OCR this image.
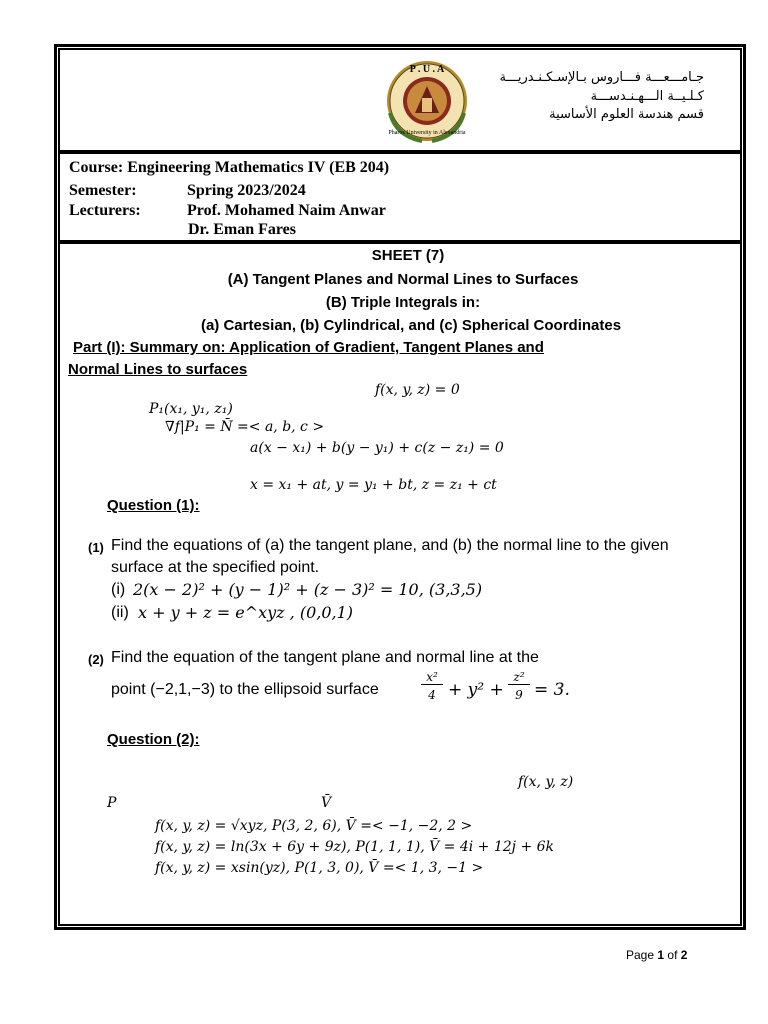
P . U . A
Pharos University in Alexandria
جـامـــعـــة فـــاروس بـالإسـكـنـدريـــة
كـلـيــة الـــهـنـدســـة
قسم هندسة العلوم الأساسية
Course: Engineering Mathematics IV (EB 204)
Semester:	Spring 2023/2024
Lecturers:	Prof. Mohamed Naim Anwar
Dr. Eman Fares
SHEET (7)
(A) Tangent Planes and Normal Lines to Surfaces
(B) Triple Integrals in:
(a) Cartesian, (b) Cylindrical, and (c) Spherical Coordinates
Part (I): Summary on: Application of Gradient, Tangent Planes and
Normal Lines to surfaces
f(x, y, z) = 0
P₁(x₁, y₁, z₁)
∇f|P₁ = N̄ =< a, b, c >
a(x − x₁) + b(y − y₁) + c(z − z₁) = 0
x = x₁ + at, y = y₁ + bt, z = z₁ + ct
Question (1):
(1) Find the equations of (a) the tangent plane, and (b) the normal line to the given
surface at the specified point.
(i) 2(x − 2)² + (y − 1)² + (z − 3)² = 10, (3,3,5)
(ii) x + y + z = e^xyz , (0,0,1)
(2) Find the equation of the tangent plane and normal line at the
point (−2,1,−3) to the ellipsoid surface
x²
4 + y² +
z²
9 = 3.
Question (2):
f(x, y, z)
P	V̄
f(x, y, z) = √xyz, P(3, 2, 6), V̄ =< −1, −2, 2 >
f(x, y, z) = ln(3x + 6y + 9z), P(1, 1, 1), V̄ = 4i + 12j + 6k
f(x, y, z) = xsin(yz), P(1, 3, 0), V̄ =< 1, 3, −1 >
Page 1 of 2
